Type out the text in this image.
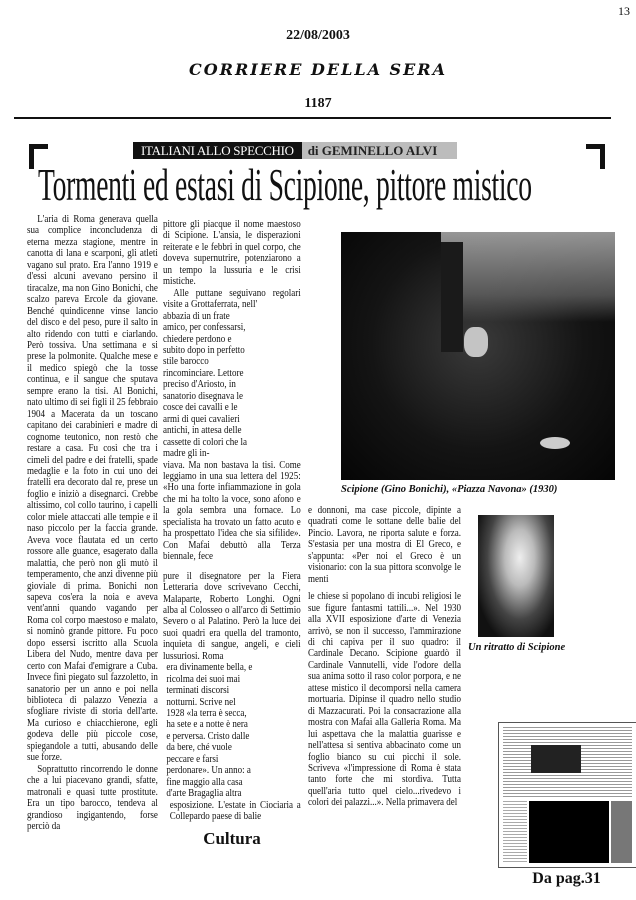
13
22/08/2003
CORRIERE DELLA SERA
1187
ITALIANI ALLO SPECCHIO	di GEMINELLO ALVI
Tormenti ed estasi di Scipione, pittore mistico

L'aria di Roma generava quella sua complice inconcludenza di eterna mezza stagione, mentre in canotta di lana e scarponi, gli atleti vagano sul prato. Era l'anno 1919 e d'essi alcuni avevano persino il tiracalze, ma non Gino Bonichi, che scalzo pareva Ercole da giovane. Benché quindicenne vinse lancio del disco e del peso, pure il salto in alto ridendo con tutti e ciarlando. Però tossiva. Una settimana e si prese la polmonite. Qualche mese e il medico spiegò che la tosse continua, e il sangue che sputava sempre erano la tisi. Al Bonichi, nato ultimo di sei figli il 25 febbraio 1904 a Macerata da un toscano capitano dei carabinieri e madre di cognome teutonico, non restò che restare a casa. Fu così che tra i cimeli del padre e dei fratelli, spade medaglie e la foto in cui uno dei fratelli era decorato dal re, prese un foglio e iniziò a disegnarci. Crebbe altissimo, col collo taurino, i capelli color miele attaccati alle tempie e il naso piccolo per la faccia grande. Aveva voce flautata ed un certo rossore alle guance, esagerato dalla malattia, che però non gli mutò il temperamento, che anzi divenne più gioviale di prima. Bonichi non sapeva cos'era la noia e aveva vent'anni quando vagando per Roma col corpo maestoso e malato, si nominò grande pittore. Fu poco dopo essersi iscritto alla Scuola Libera del Nudo, mentre dava per certo con Mafai d'emigrare a Cuba. Invece finì piegato sul fazzoletto, in sanatorio per un anno e poi nella biblioteca di palazzo Venezia a sfogliare riviste di storia dell'arte. Ma curioso e chiacchierone, egli godeva delle più piccole cose, spiegandole a tutti, abusando delle sue forze.

Soprattutto rincorrendo le donne che a lui piacevano grandi, sfatte, matronali e quasi tutte prostitute. Era un tipo barocco, tendeva al grandioso ingigantendo, forse perciò da

pittore gli piacque il nome maestoso di Scipione. L'ansia, le disperazioni reiterate e le febbri in quel corpo, che doveva supernutrire, potenziarono a un tempo la lussuria e le crisi mistiche.

Alle puttane seguivano regolari visite a Grottaferrata, nell'

abbazia di un frate amico, per confessarsi, chiedere perdono e subito dopo in perfetto stile barocco rincominciare. Lettore preciso d'Ariosto, in sanatorio disegnava le cosce dei cavalli e le armi di quei cavalieri antichi, in attesa delle cassette di colori che la madre gli in-

viava. Ma non bastava la tisi. Come leggiamo in una sua lettera del 1925: «Ho una forte infiammazione in gola che mi ha tolto la voce, sono afono e la gola sembra una fornace. Lo specialista ha trovato un fatto acuto e ha prospettato l'idea che sia sifilide». Con Mafai debuttò alla Terza biennale, fece

pure il disegnatore per la Fiera Letteraria dove scrivevano Cecchi, Malaparte, Roberto Longhi. Ogni alba al Colosseo o all'arco di Settimio Severo o al Palatino. Però la luce dei suoi quadri era quella del tramonto, inquieta di sangue, angeli, e cieli lussuriosi. Roma

era divinamente bella, e ricolma dei suoi mai terminati discorsi notturni. Scrive nel 1928 «la terra è secca, ha sete e a notte è nera e perversa. Cristo dalle da bere, ché vuole peccare e farsi perdonare». Un anno: a fine maggio alla casa d'arte Bragaglia altra

esposizione. L'estate in Ciociaria a Collepardo paese di balie

Cultura
Scipione (Gino Bonichi), «Piazza Navona» (1930)

e donnoni, ma case piccole, dipinte a quadrati come le sottane delle balie del Pincio. Lavora, ne riporta salute e forza. S'estasia per una mostra di El Greco, e s'appunta: «Per noi el Greco è un visionario: con la sua pittora sconvolge le menti

le chiese si popolano di incubi religiosi le sue figure fantasmi tattili...». Nel 1930 alla XVII esposizione d'arte di Venezia arrivò, se non il successo, l'ammirazione di chi capiva per il suo quadro: il Cardinale Decano. Scipione guardò il Cardinale Vannutelli, vide l'odore della sua anima sotto il raso color porpora, e ne attese mistico il decomporsi nella camera mortuaria. Dipinse il quadro nello studio di Mazzacurati. Poi la consacrazione alla mostra con Mafai alla Galleria Roma. Ma lui aspettava che la malattia guarisse e nell'attesa si sentiva abbacinato come un foglio bianco su cui picchi il sole. Scriveva «l'impressione di Roma è stata tanto forte che mi stordiva. Tutta quell'aria tutto quel cielo...rivedevo i colori dei palazzi...». Nella primavera del

Un ritratto di Scipione
Da pag.31
